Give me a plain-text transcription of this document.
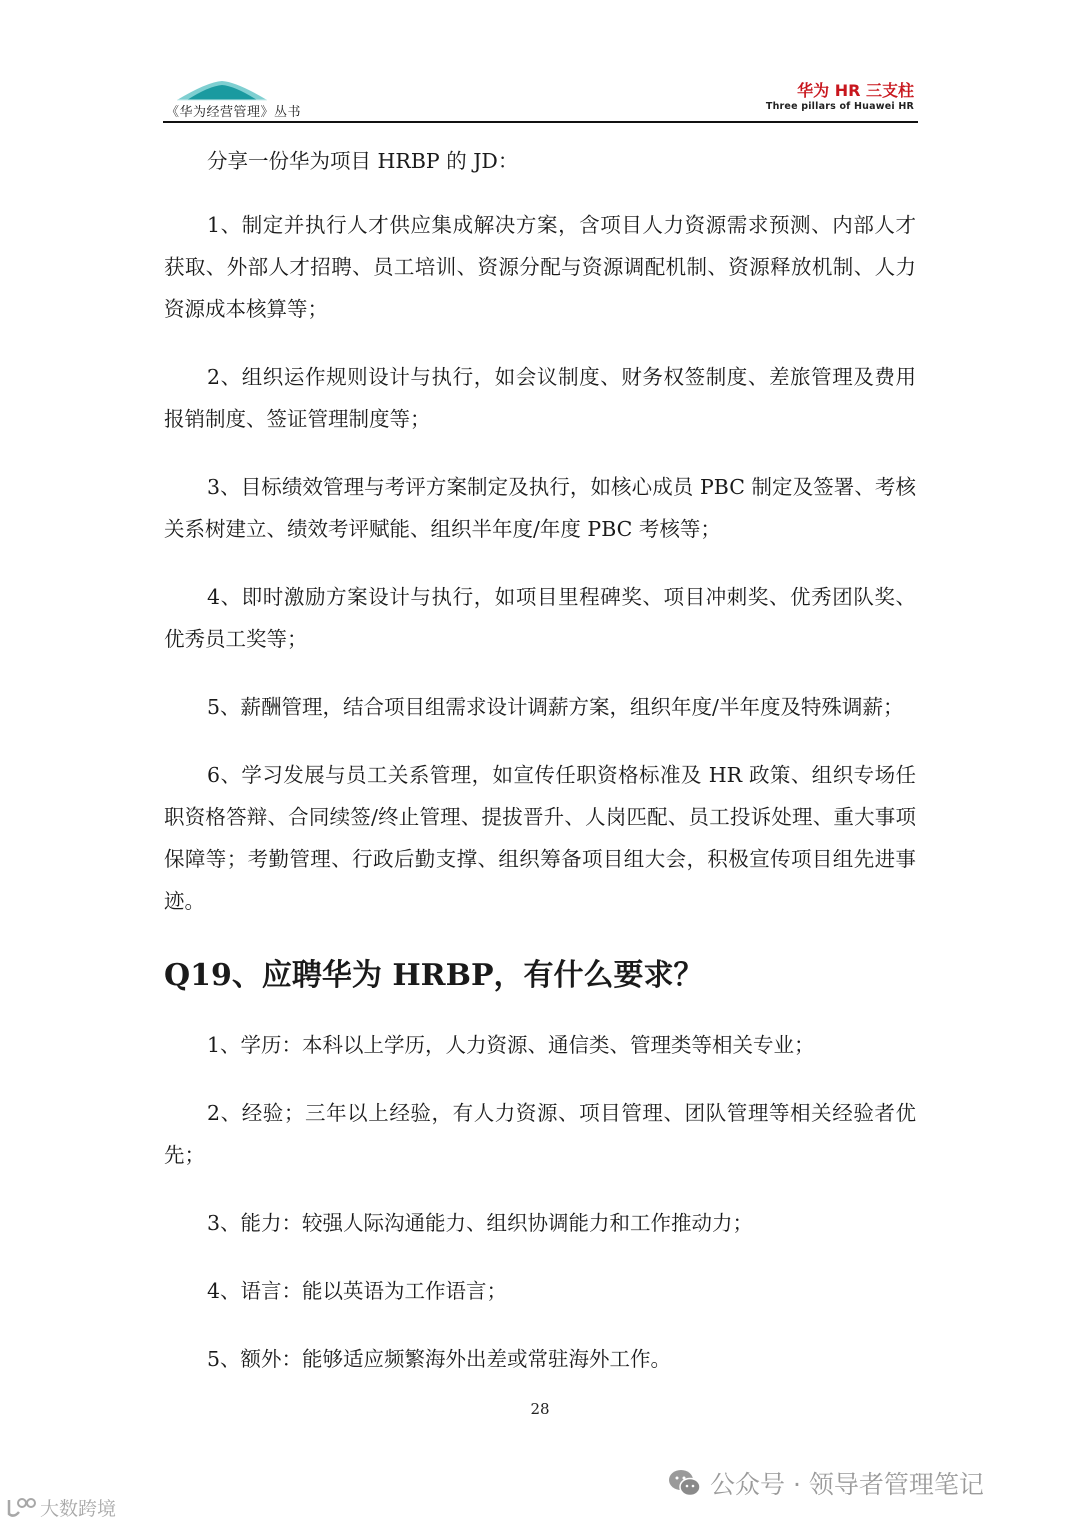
《华为经营管理》丛书
华为 HR 三支柱
Three pillars of Huawei HR

分享一份华为项目 HRBP 的 JD：

1、制定并执行人才供应集成解决方案，含项目人力资源需求预测、内部人才获取、外部人才招聘、员工培训、资源分配与资源调配机制、资源释放机制、人力资源成本核算等；

2、组织运作规则设计与执行，如会议制度、财务权签制度、差旅管理及费用报销制度、签证管理制度等；

3、目标绩效管理与考评方案制定及执行，如核心成员 PBC 制定及签署、考核关系树建立、绩效考评赋能、组织半年度/年度 PBC 考核等；

4、即时激励方案设计与执行，如项目里程碑奖、项目冲刺奖、优秀团队奖、优秀员工奖等；

5、薪酬管理，结合项目组需求设计调薪方案，组织年度/半年度及特殊调薪；

6、学习发展与员工关系管理，如宣传任职资格标准及 HR 政策、组织专场任职资格答辩、合同续签/终止管理、提拔晋升、人岗匹配、员工投诉处理、重大事项保障等；考勤管理、行政后勤支撑、组织筹备项目组大会，积极宣传项目组先进事迹。

Q19、应聘华为 HRBP，有什么要求？

1、学历：本科以上学历，人力资源、通信类、管理类等相关专业；

2、经验；三年以上经验，有人力资源、项目管理、团队管理等相关经验者优先；

3、能力：较强人际沟通能力、组织协调能力和工作推动力；

4、语言：能以英语为工作语言；

5、额外：能够适应频繁海外出差或常驻海外工作。

28
公众号 · 领导者管理笔记
大数跨境
